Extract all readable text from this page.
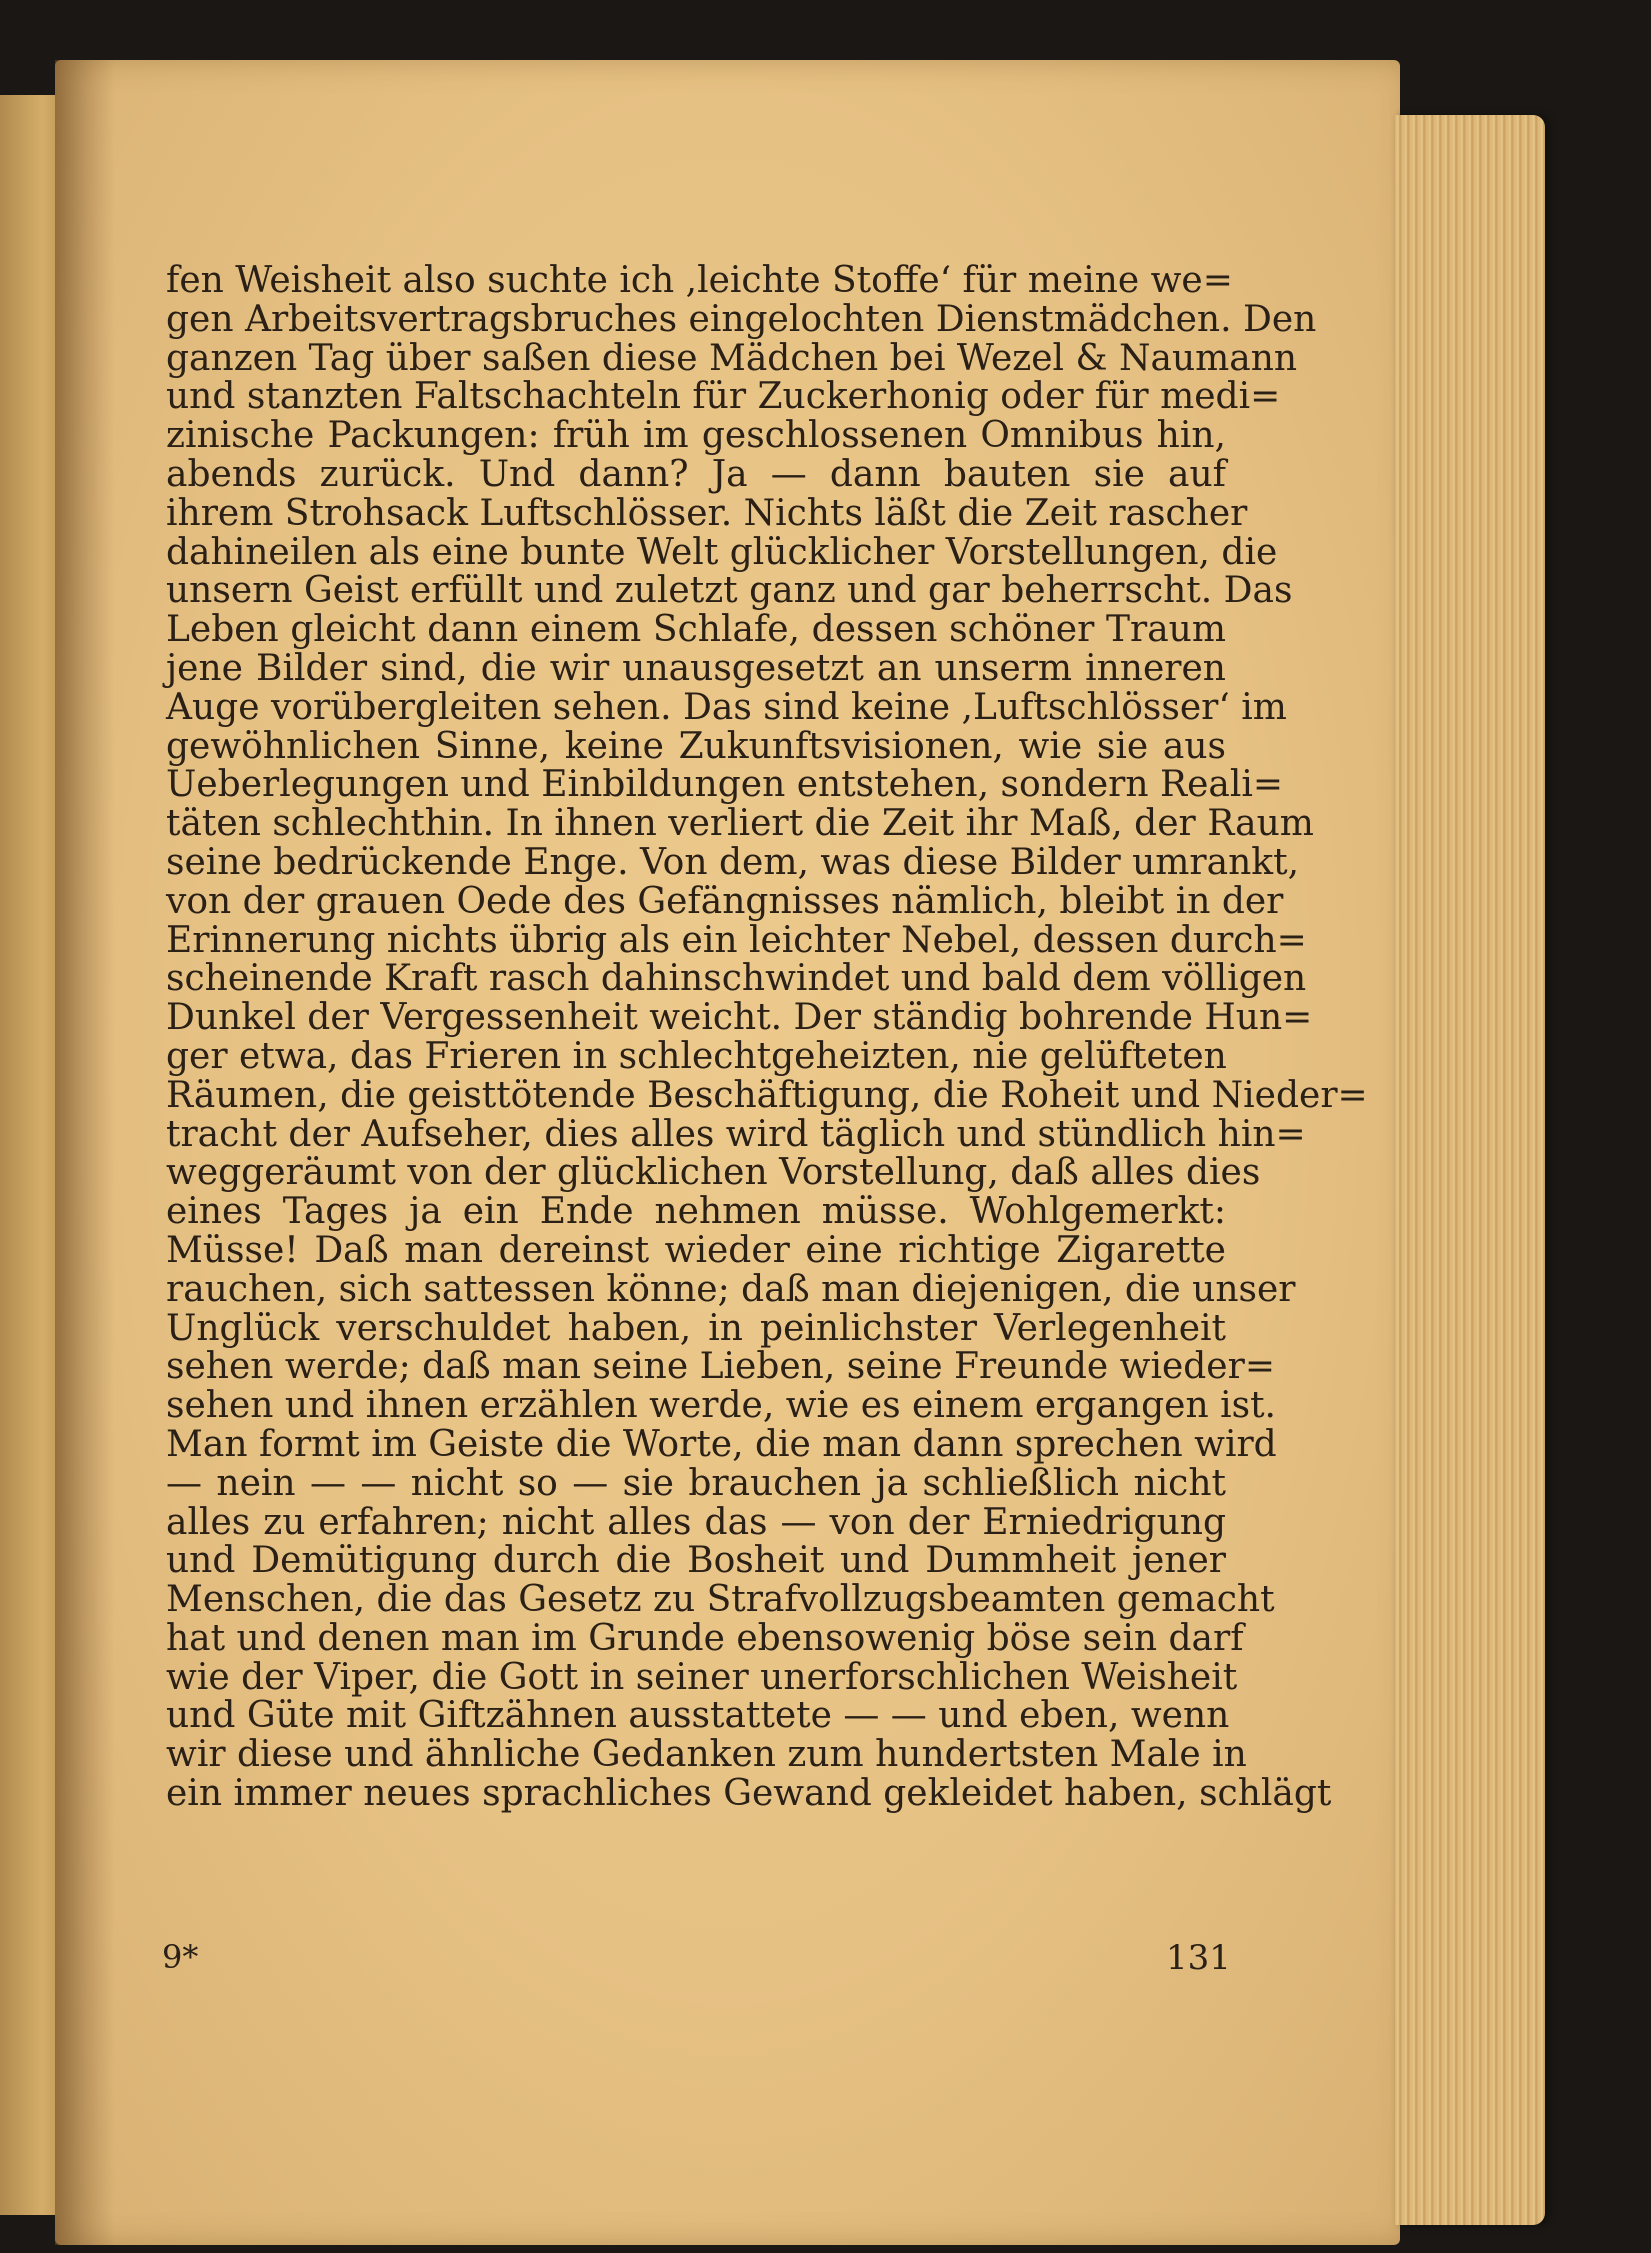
fen Weisheit also suchte ich ,leichte Stoffe‘ für meine we=
gen Arbeitsvertragsbruches eingelochten Dienstmädchen. Den
ganzen Tag über saßen diese Mädchen bei Wezel & Naumann
und stanzten Faltschachteln für Zuckerhonig oder für medi=
zinische Packungen: früh im geschlossenen Omnibus hin,
abends zurück. Und dann? Ja — dann bauten sie auf
ihrem Strohsack Luftschlösser. Nichts läßt die Zeit rascher
dahineilen als eine bunte Welt glücklicher Vorstellungen, die
unsern Geist erfüllt und zuletzt ganz und gar beherrscht. Das
Leben gleicht dann einem Schlafe, dessen schöner Traum
jene Bilder sind, die wir unausgesetzt an unserm inneren
Auge vorübergleiten sehen. Das sind keine ,Luftschlösser‘ im
gewöhnlichen Sinne, keine Zukunftsvisionen, wie sie aus
Ueberlegungen und Einbildungen entstehen, sondern Reali=
täten schlechthin. In ihnen verliert die Zeit ihr Maß, der Raum
seine bedrückende Enge. Von dem, was diese Bilder umrankt,
von der grauen Oede des Gefängnisses nämlich, bleibt in der
Erinnerung nichts übrig als ein leichter Nebel, dessen durch=
scheinende Kraft rasch dahinschwindet und bald dem völligen
Dunkel der Vergessenheit weicht. Der ständig bohrende Hun=
ger etwa, das Frieren in schlechtgeheizten, nie gelüfteten
Räumen, die geisttötende Beschäftigung, die Roheit und Nieder=
tracht der Aufseher, dies alles wird täglich und stündlich hin=
weggeräumt von der glücklichen Vorstellung, daß alles dies
eines Tages ja ein Ende nehmen müsse. Wohlgemerkt:
Müsse! Daß man dereinst wieder eine richtige Zigarette
rauchen, sich sattessen könne; daß man diejenigen, die unser
Unglück verschuldet haben, in peinlichster Verlegenheit
sehen werde; daß man seine Lieben, seine Freunde wieder=
sehen und ihnen erzählen werde, wie es einem ergangen ist.
Man formt im Geiste die Worte, die man dann sprechen wird
— nein — — nicht so — sie brauchen ja schließlich nicht
alles zu erfahren; nicht alles das — von der Erniedrigung
und Demütigung durch die Bosheit und Dummheit jener
Menschen, die das Gesetz zu Strafvollzugsbeamten gemacht
hat und denen man im Grunde ebensowenig böse sein darf
wie der Viper, die Gott in seiner unerforschlichen Weisheit
und Güte mit Giftzähnen ausstattete — — und eben, wenn
wir diese und ähnliche Gedanken zum hundertsten Male in
ein immer neues sprachliches Gewand gekleidet haben, schlägt
9*	131
